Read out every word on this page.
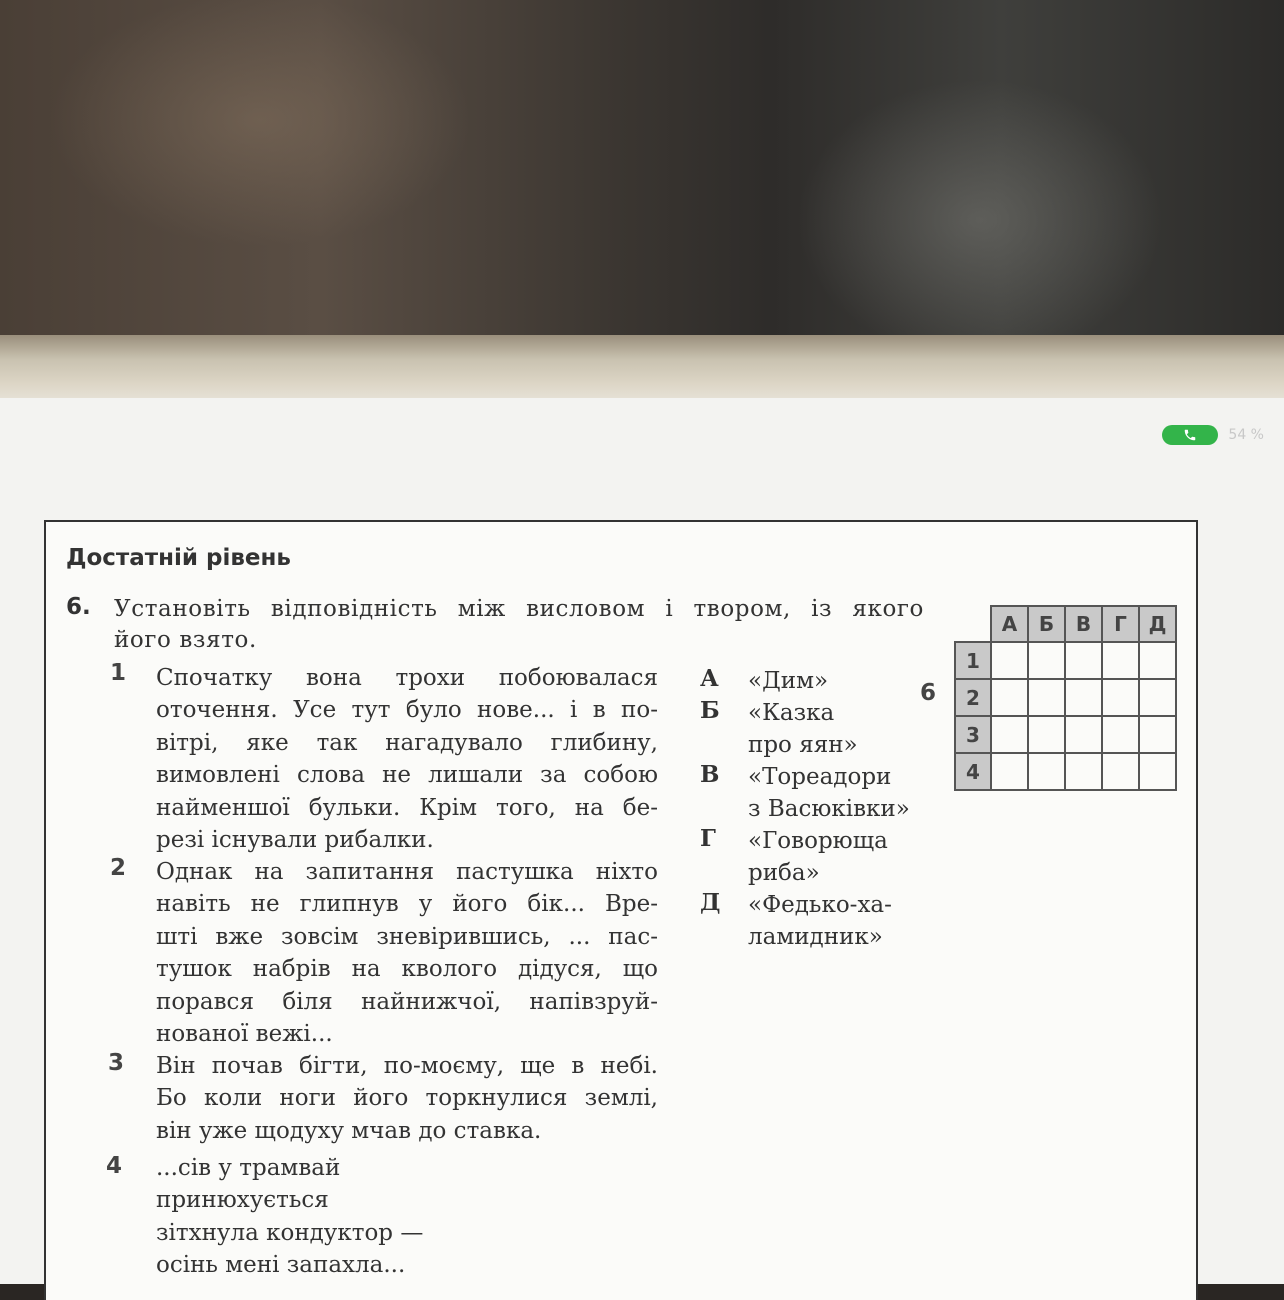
54 %
Достатній рівень
6. Установіть відповідність між висловом і твором, із якого
його взято.
1 Спочатку вона трохи побоювалася
оточення. Усе тут було нове... і в по-
вітрі, яке так нагадувало глибину,
вимовлені слова не лишали за собою
найменшої бульки. Крім того, на бе-
резі існували рибалки.
2 Однак на запитання пастушка ніхто
навіть не глипнув у його бік... Вре-
шті вже зовсім зневірившись, ... пас-
тушок набрів на кволого дідуся, що
порався біля найнижчої, напівзруй-
нованої вежі...
3 Він почав бігти, по-моєму, ще в небі.
Бо коли ноги його торкнулися землі,
він уже щодуху мчав до ставка.
4 ...сів у трамвай
принюхується
зітхнула кондуктор —
осінь мені запахла...
А «Дим»
Б «Казка
про яян»
В «Тореадори
з Васюківки»
Г «Говорюща
риба»
Д «Федько-ха-
ламидник»
6
	А	Б	В	Г	Д
1					
2					
3					
4					
